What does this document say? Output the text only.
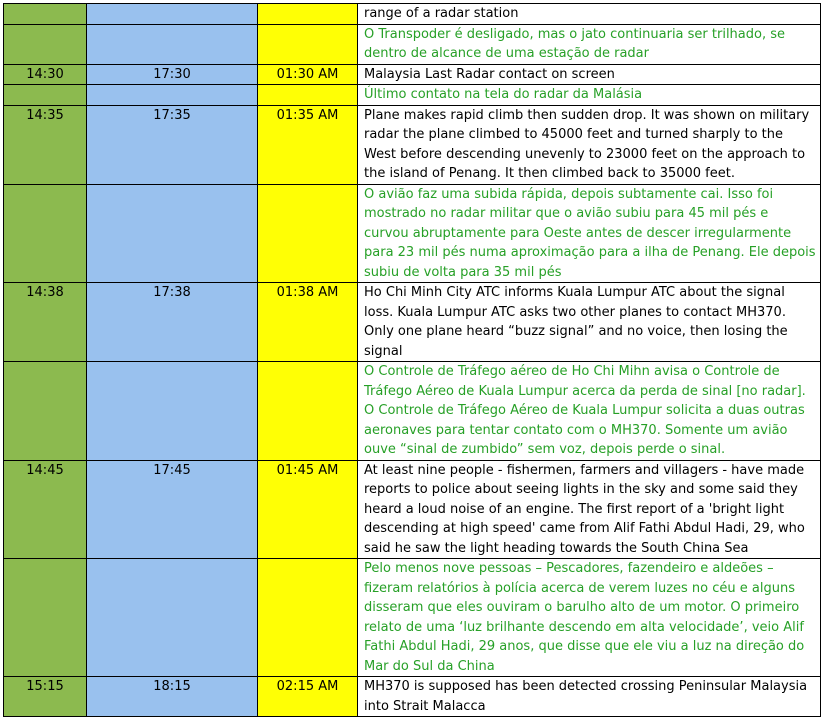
			range of a radar station
			O Transpoder é desligado, mas o jato continuaria ser trilhado, se dentro de alcance de uma estação de radar
14:30	17:30	01:30 AM	Malaysia Last Radar contact on screen
			Último contato na tela do radar da Malásia
14:35	17:35	01:35 AM	Plane makes rapid climb then sudden drop. It was shown on military radar the plane climbed to 45000 feet and turned sharply to the West before descending unevenly to 23000 feet on the approach to the island of Penang. It then climbed back to 35000 feet.
			O avião faz uma subida rápida, depois subtamente cai. Isso foi mostrado no radar militar que o avião subiu para 45 mil pés e curvou abruptamente para Oeste antes de descer irregularmente para 23 mil pés numa aproximação para a ilha de Penang. Ele depois subiu de volta para 35 mil pés
14:38	17:38	01:38 AM	Ho Chi Minh City ATC informs Kuala Lumpur ATC about the signal loss. Kuala Lumpur ATC asks two other planes to contact MH370. Only one plane heard “buzz signal” and no voice, then losing the signal
			O Controle de Tráfego aéreo de Ho Chi Mihn avisa o Controle de Tráfego Aéreo de Kuala Lumpur acerca da perda de sinal [no radar]. O Controle de Tráfego Aéreo de Kuala Lumpur solicita a duas outras aeronaves para tentar contato com o MH370. Somente um avião ouve “sinal de zumbido” sem voz, depois perde o sinal.
14:45	17:45	01:45 AM	At least nine people - fishermen, farmers and villagers - have made reports to police about seeing lights in the sky and some said they heard a loud noise of an engine. The first report of a 'bright light descending at high speed' came from Alif Fathi Abdul Hadi, 29, who said he saw the light heading towards the South China Sea
			Pelo menos nove pessoas – Pescadores, fazendeiro e aldeões – fizeram relatórios à polícia acerca de verem luzes no céu e alguns disseram que eles ouviram o barulho alto de um motor. O primeiro relato de uma ‘luz brilhante descendo em alta velocidade’, veio Alif Fathi Abdul Hadi, 29 anos, que disse que ele viu a luz na direção do Mar do Sul da China
15:15	18:15	02:15 AM	MH370 is supposed has been detected crossing Peninsular Malaysia into Strait Malacca
